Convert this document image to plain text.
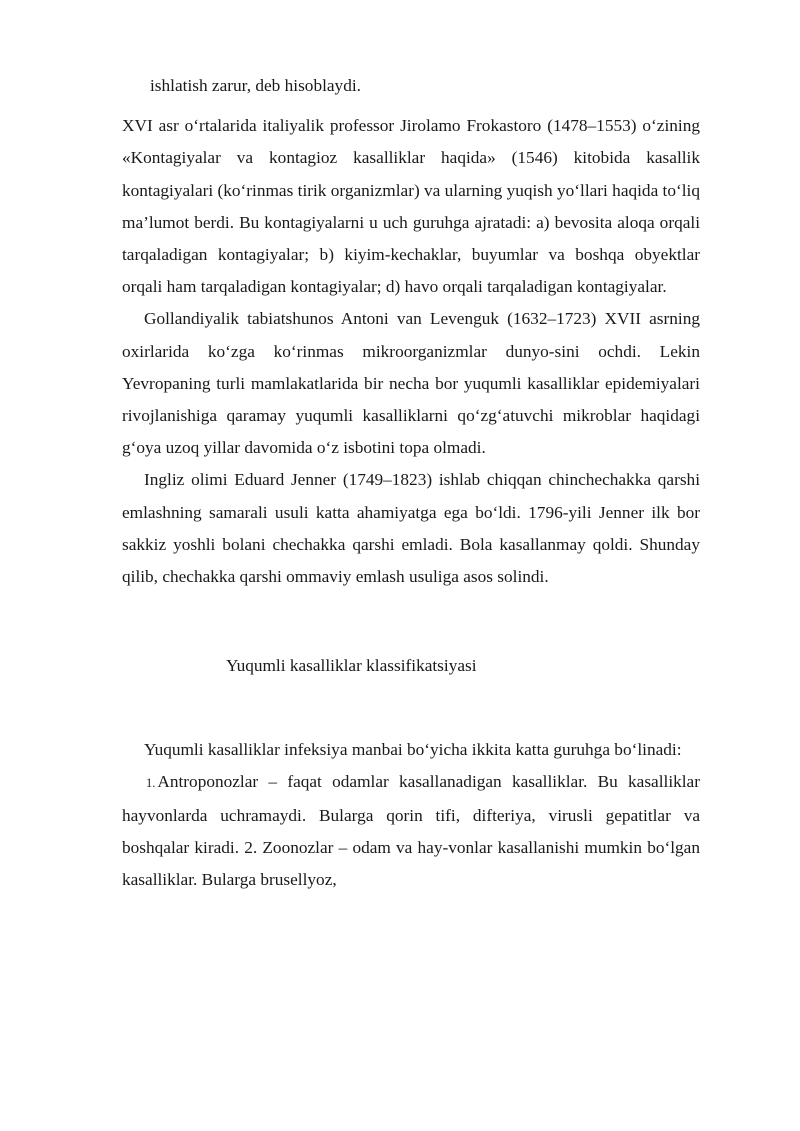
ishlatish zarur, deb hisoblaydi.

XVI asr o‘rtalarida italiyalik professor Jirolamo Frokastoro (1478–1553) o‘zining «Kontagiyalar va kontagioz kasalliklar haqida» (1546) kitobida kasallik kontagiyalari (ko‘rinmas tirik organizmlar) va ularning yuqish yo‘llari haqida to‘liq ma’lumot berdi. Bu kontagiyalarni u uch guruhga ajratadi: a) bevosita aloqa orqali tarqaladigan kontagiyalar; b) kiyim-kechaklar, buyumlar va boshqa obyektlar orqali ham tarqaladigan kontagiyalar; d) havo orqali tarqaladigan kontagiyalar.

Gollandiyalik tabiatshunos Antoni van Levenguk (1632–1723) XVII asrning oxirlarida ko‘zga ko‘rinmas mikroorganizmlar dunyo-sini ochdi. Lekin Yevropaning turli mamlakatlarida bir necha bor yuqumli kasalliklar epidemiyalari rivojlanishiga qaramay yuqumli kasalliklarni qo‘zg‘atuvchi mikroblar haqidagi g‘oya uzoq yillar davomida o‘z isbotini topa olmadi.

Ingliz olimi Eduard Jenner (1749–1823) ishlab chiqqan chinchechakka qarshi emlashning samarali usuli katta ahamiyatga ega bo‘ldi. 1796-yili Jenner ilk bor sakkiz yoshli bolani chechakka qarshi emladi. Bola kasallanmay qoldi. Shunday qilib, chechakka qarshi ommaviy emlash usuliga asos solindi.

Yuqumli kasalliklar klassifikatsiyasi

Yuqumli kasalliklar infeksiya manbai bo‘yicha ikkita katta guruhga bo‘linadi:

1. Antroponozlar – faqat odamlar kasallanadigan kasalliklar. Bu kasalliklar hayvonlarda uchramaydi. Bularga qorin tifi, difteriya, virusli gepatitlar va boshqalar kiradi. 2. Zoonozlar – odam va hay-vonlar kasallanishi mumkin bo‘lgan kasalliklar. Bularga brusellyoz,
